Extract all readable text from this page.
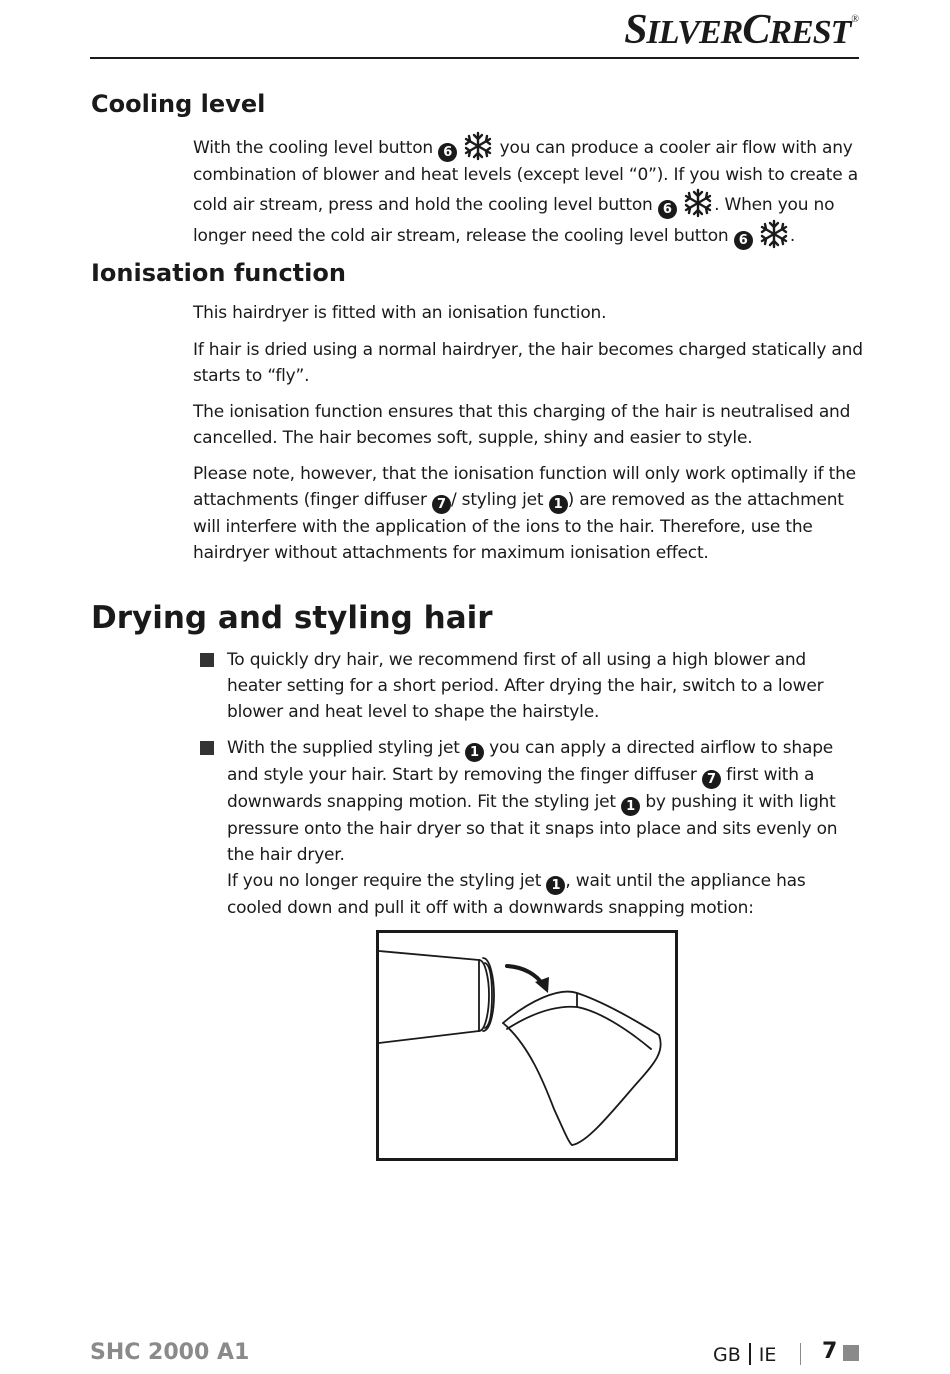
SILVERCREST®
Cooling level

With the cooling level button 6	you can produce a cooler air flow with any combination of blower and heat levels (except level “0”). If you wish to create a cold air stream, press and hold the cooling level button 6 . When you no longer need the cold air stream, release the cooling level button 6 .

Ionisation function

This hairdryer is fitted with an ionisation function.

If hair is dried using a normal hairdryer, the hair becomes charged statically and starts to “fly”.

The ionisation function ensures that this charging of the hair is neutralised and cancelled. The hair becomes soft, supple, shiny and easier to style.

Please note, however, that the ionisation function will only work optimally if the attachments (finger diffuser 7 / styling jet 1 ) are removed as the attachment will interfere with the application of the ions to the hair. Therefore, use the hairdryer without attachments for maximum ionisation effect.

Drying and styling hair
To quickly dry hair, we recommend first of all using a high blower and heater setting for a short period. After drying the hair, switch to a lower blower and heat level to shape the hairstyle.
With the supplied styling jet 1 you can apply a directed airflow to shape and style your hair. Start by removing the finger diffuser 7 first with a downwards snapping motion. Fit the styling jet 1 by pushing it with light pressure onto the hair dryer so that it snaps into place and sits evenly on the hair dryer.
If you no longer require the styling jet 1 , wait until the appliance has cooled down and pull it off with a downwards snapping motion:
SHC 2000 A1	GB IE 7
